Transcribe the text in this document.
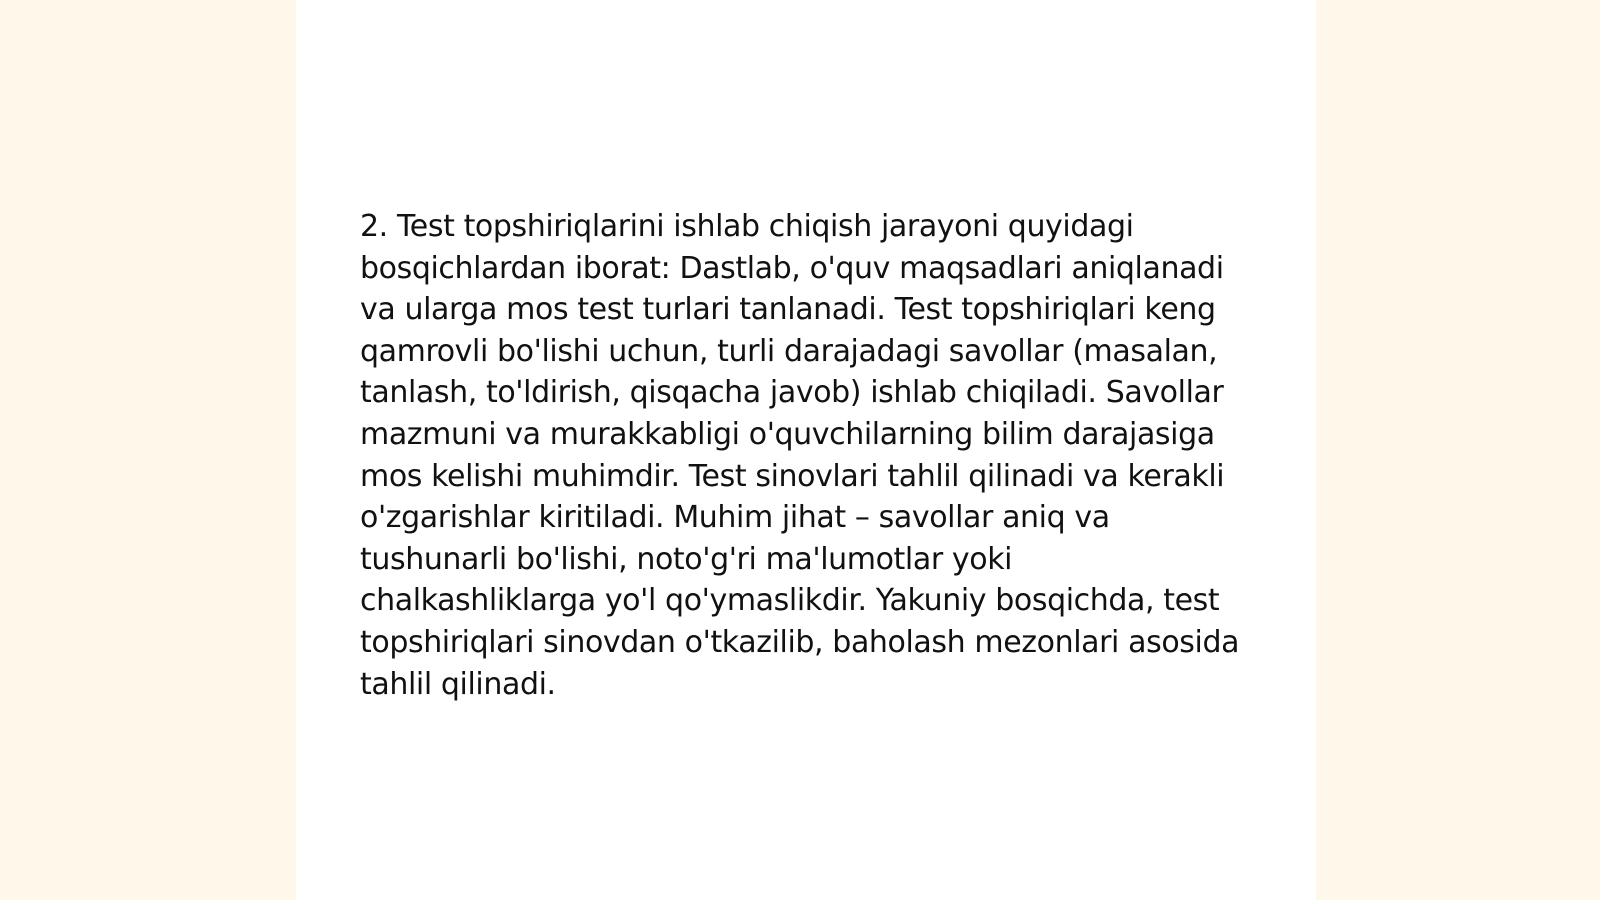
2. Test topshiriqlarini ishlab chiqish jarayoni quyidagi bosqichlardan iborat: Dastlab, o'quv maqsadlari aniqlanadi va ularga mos test turlari tanlanadi. Test topshiriqlari keng qamrovli bo'lishi uchun, turli darajadagi savollar (masalan, tanlash, to'ldirish, qisqacha javob) ishlab chiqiladi. Savollar mazmuni va murakkabligi o'quvchilarning bilim darajasiga mos kelishi muhimdir. Test sinovlari tahlil qilinadi va kerakli o'zgarishlar kiritiladi. Muhim jihat – savollar aniq va tushunarli bo'lishi, noto'g'ri ma'lumotlar yoki chalkashliklarga yo'l qo'ymaslikdir. Yakuniy bosqichda, test topshiriqlari sinovdan o'tkazilib, baholash mezonlari asosida tahlil qilinadi.
